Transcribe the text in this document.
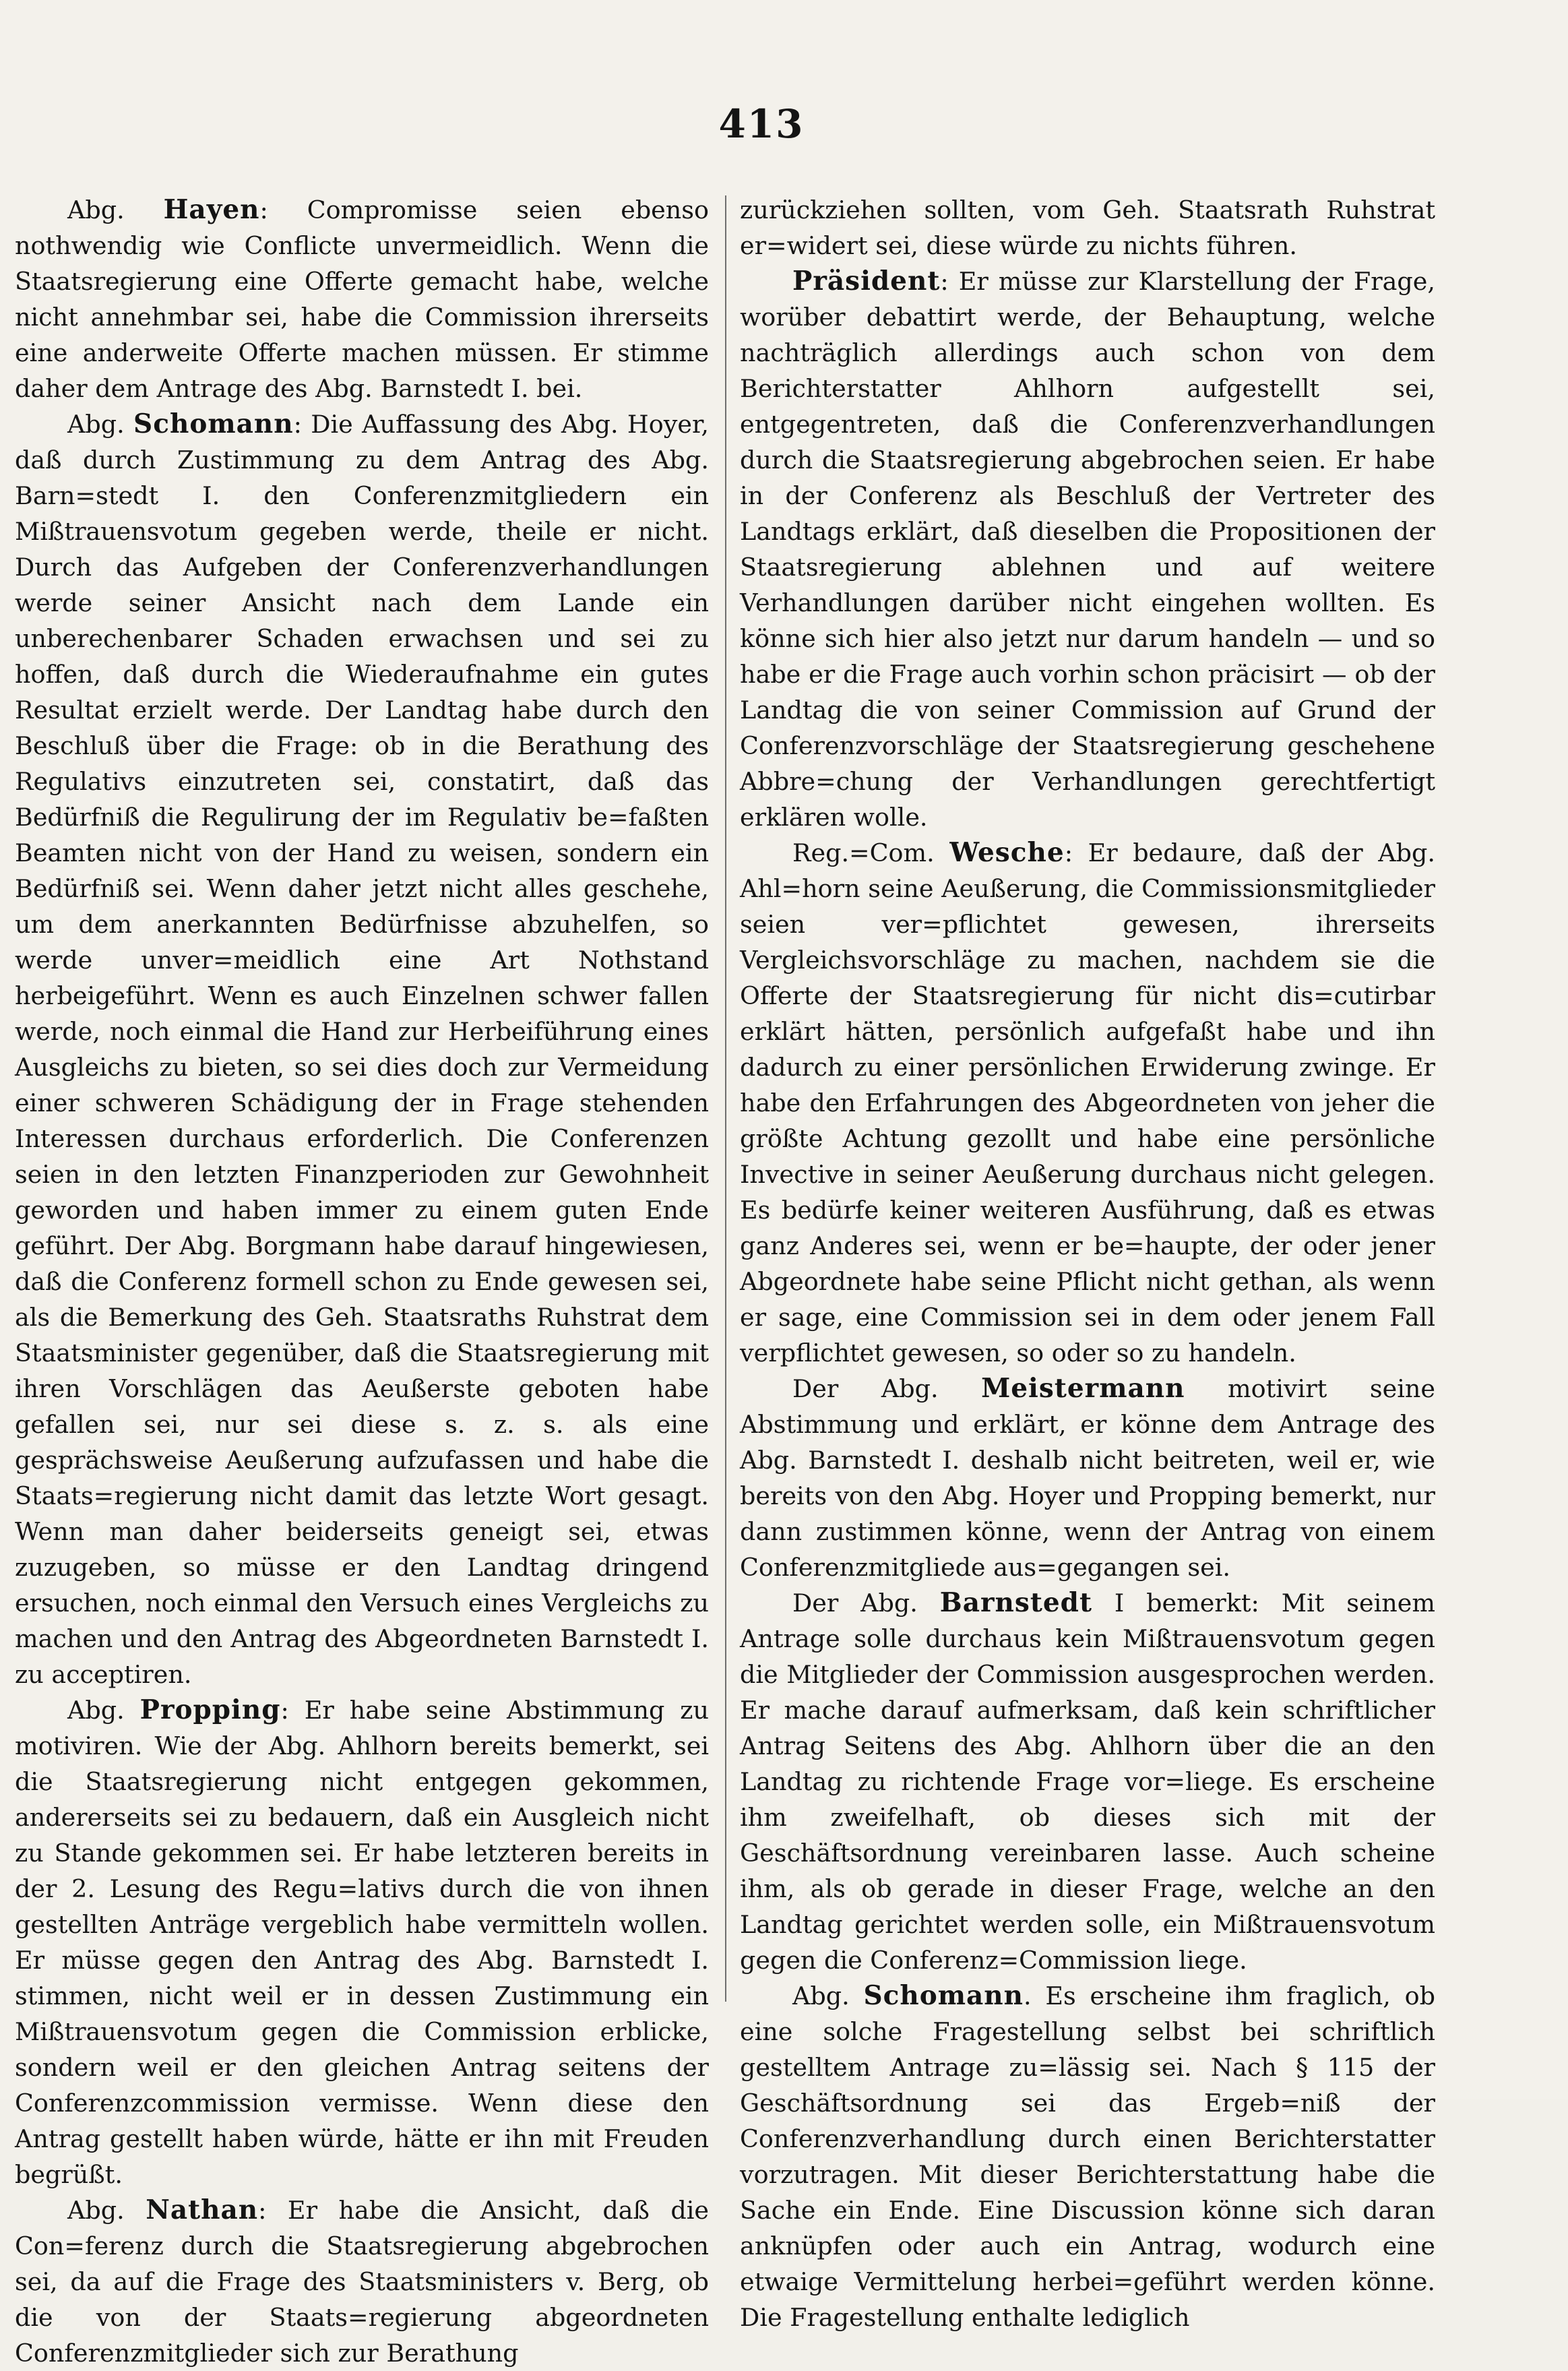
413

Abg. Hayen: Compromisse seien ebenso nothwendig wie Conflicte unvermeidlich. Wenn die Staatsregierung eine Offerte gemacht habe, welche nicht annehmbar sei, habe die Commission ihrerseits eine anderweite Offerte machen müssen. Er stimme daher dem Antrage des Abg. Barnstedt I. bei.

Abg. Schomann: Die Auffassung des Abg. Hoyer, daß durch Zustimmung zu dem Antrag des Abg. Barn=stedt I. den Conferenzmitgliedern ein Mißtrauensvotum gegeben werde, theile er nicht. Durch das Aufgeben der Conferenzverhandlungen werde seiner Ansicht nach dem Lande ein unberechenbarer Schaden erwachsen und sei zu hoffen, daß durch die Wiederaufnahme ein gutes Resultat erzielt werde. Der Landtag habe durch den Beschluß über die Frage: ob in die Berathung des Regulativs einzutreten sei, constatirt, daß das Bedürfniß die Regulirung der im Regulativ be=faßten Beamten nicht von der Hand zu weisen, sondern ein Bedürfniß sei. Wenn daher jetzt nicht alles geschehe, um dem anerkannten Bedürfnisse abzuhelfen, so werde unver=meidlich eine Art Nothstand herbeigeführt. Wenn es auch Einzelnen schwer fallen werde, noch einmal die Hand zur Herbeiführung eines Ausgleichs zu bieten, so sei dies doch zur Vermeidung einer schweren Schädigung der in Frage stehenden Interessen durchaus erforderlich. Die Conferenzen seien in den letzten Finanzperioden zur Gewohnheit geworden und haben immer zu einem guten Ende geführt. Der Abg. Borgmann habe darauf hingewiesen, daß die Conferenz formell schon zu Ende gewesen sei, als die Bemerkung des Geh. Staatsraths Ruhstrat dem Staatsminister gegenüber, daß die Staatsregierung mit ihren Vorschlägen das Aeußerste geboten habe gefallen sei, nur sei diese s. z. s. als eine gesprächsweise Aeußerung aufzufassen und habe die Staats=regierung nicht damit das letzte Wort gesagt. Wenn man daher beiderseits geneigt sei, etwas zuzugeben, so müsse er den Landtag dringend ersuchen, noch einmal den Versuch eines Vergleichs zu machen und den Antrag des Abgeordneten Barnstedt I. zu acceptiren.

Abg. Propping: Er habe seine Abstimmung zu motiviren. Wie der Abg. Ahlhorn bereits bemerkt, sei die Staatsregierung nicht entgegen gekommen, andererseits sei zu bedauern, daß ein Ausgleich nicht zu Stande gekommen sei. Er habe letzteren bereits in der 2. Lesung des Regu=lativs durch die von ihnen gestellten Anträge vergeblich habe vermitteln wollen. Er müsse gegen den Antrag des Abg. Barnstedt I. stimmen, nicht weil er in dessen Zustimmung ein Mißtrauensvotum gegen die Commission erblicke, sondern weil er den gleichen Antrag seitens der Conferenzcommission vermisse. Wenn diese den Antrag gestellt haben würde, hätte er ihn mit Freuden begrüßt.

Abg. Nathan: Er habe die Ansicht, daß die Con=ferenz durch die Staatsregierung abgebrochen sei, da auf die Frage des Staatsministers v. Berg, ob die von der Staats=regierung abgeordneten Conferenzmitglieder sich zur Berathung

zurückziehen sollten, vom Geh. Staatsrath Ruhstrat er=widert sei, diese würde zu nichts führen.

Präsident: Er müsse zur Klarstellung der Frage, worüber debattirt werde, der Behauptung, welche nachträglich allerdings auch schon von dem Berichterstatter Ahlhorn aufgestellt sei, entgegentreten, daß die Conferenzverhandlungen durch die Staatsregierung abgebrochen seien. Er habe in der Conferenz als Beschluß der Vertreter des Landtags erklärt, daß dieselben die Propositionen der Staatsregierung ablehnen und auf weitere Verhandlungen darüber nicht eingehen wollten. Es könne sich hier also jetzt nur darum handeln — und so habe er die Frage auch vorhin schon präcisirt — ob der Landtag die von seiner Commission auf Grund der Conferenzvorschläge der Staatsregierung geschehene Abbre=chung der Verhandlungen gerechtfertigt erklären wolle.

Reg.=Com. Wesche: Er bedaure, daß der Abg. Ahl=horn seine Aeußerung, die Commissionsmitglieder seien ver=pflichtet gewesen, ihrerseits Vergleichsvorschläge zu machen, nachdem sie die Offerte der Staatsregierung für nicht dis=cutirbar erklärt hätten, persönlich aufgefaßt habe und ihn dadurch zu einer persönlichen Erwiderung zwinge. Er habe den Erfahrungen des Abgeordneten von jeher die größte Achtung gezollt und habe eine persönliche Invective in seiner Aeußerung durchaus nicht gelegen. Es bedürfe keiner weiteren Ausführung, daß es etwas ganz Anderes sei, wenn er be=haupte, der oder jener Abgeordnete habe seine Pflicht nicht gethan, als wenn er sage, eine Commission sei in dem oder jenem Fall verpflichtet gewesen, so oder so zu handeln.

Der Abg. Meistermann motivirt seine Abstimmung und erklärt, er könne dem Antrage des Abg. Barnstedt I. deshalb nicht beitreten, weil er, wie bereits von den Abg. Hoyer und Propping bemerkt, nur dann zustimmen könne, wenn der Antrag von einem Conferenzmitgliede aus=gegangen sei.

Der Abg. Barnstedt I bemerkt: Mit seinem Antrage solle durchaus kein Mißtrauensvotum gegen die Mitglieder der Commission ausgesprochen werden. Er mache darauf aufmerksam, daß kein schriftlicher Antrag Seitens des Abg. Ahlhorn über die an den Landtag zu richtende Frage vor=liege. Es erscheine ihm zweifelhaft, ob dieses sich mit der Geschäftsordnung vereinbaren lasse. Auch scheine ihm, als ob gerade in dieser Frage, welche an den Landtag gerichtet werden solle, ein Mißtrauensvotum gegen die Conferenz=Commission liege.

Abg. Schomann. Es erscheine ihm fraglich, ob eine solche Fragestellung selbst bei schriftlich gestelltem Antrage zu=lässig sei. Nach § 115 der Geschäftsordnung sei das Ergeb=niß der Conferenzverhandlung durch einen Berichterstatter vorzutragen. Mit dieser Berichterstattung habe die Sache ein Ende. Eine Discussion könne sich daran anknüpfen oder auch ein Antrag, wodurch eine etwaige Vermittelung herbei=geführt werden könne. Die Fragestellung enthalte lediglich
